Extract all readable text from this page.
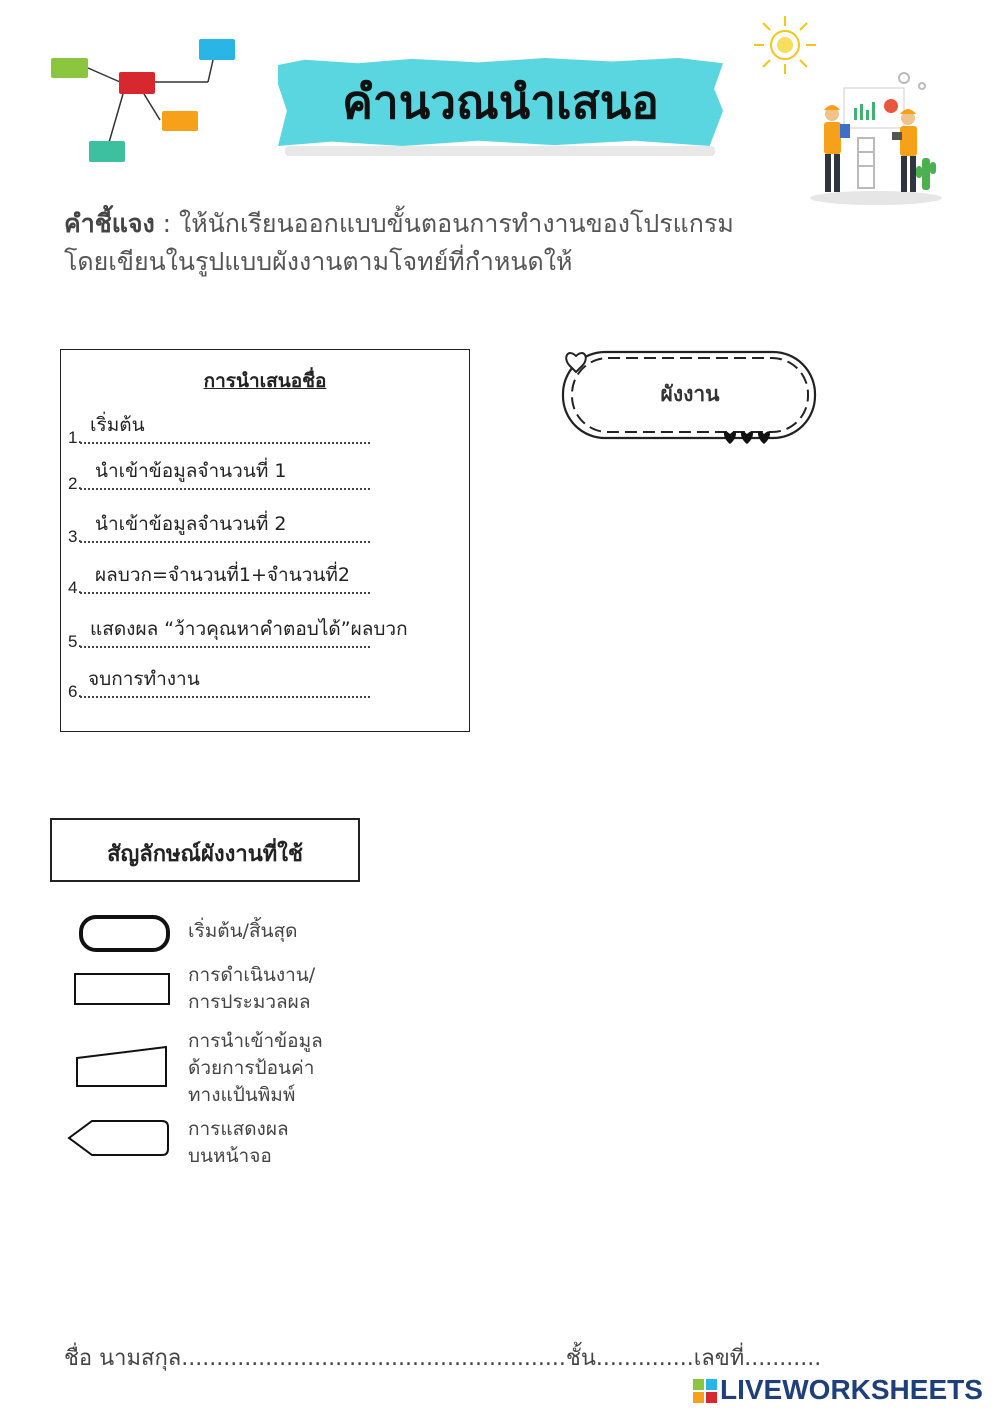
คำนวณนำเสนอ
คำชี้แจง : ให้นักเรียนออกแบบขั้นตอนการทำงานของโปรแกรม
โดยเขียนในรูปแบบผังงานตามโจทย์ที่กำหนดให้
การนำเสนอชื่อ
1.
เริ่มต้น
2.
นำเข้าข้อมูลจำนวนที่ 1
3.
นำเข้าข้อมูลจำนวนที่ 2
4.
ผลบวก=จำนวนที่1+จำนวนที่2
5.
แสดงผล “ว้าวคุณหาคำตอบได้”ผลบวก
6.
จบการทำงาน
ผังงาน
สัญลักษณ์ผังงานที่ใช้
เริ่มต้น/สิ้นสุด
การดำเนินงาน/
การประมวลผล
การนำเข้าข้อมูล
ด้วยการป้อนค่า
ทางแป้นพิมพ์
การแสดงผล
บนหน้าจอ
ชื่อ นามสกุล.......................................................ชั้น..............เลขที่...........
LIVEWORKSHEETS
